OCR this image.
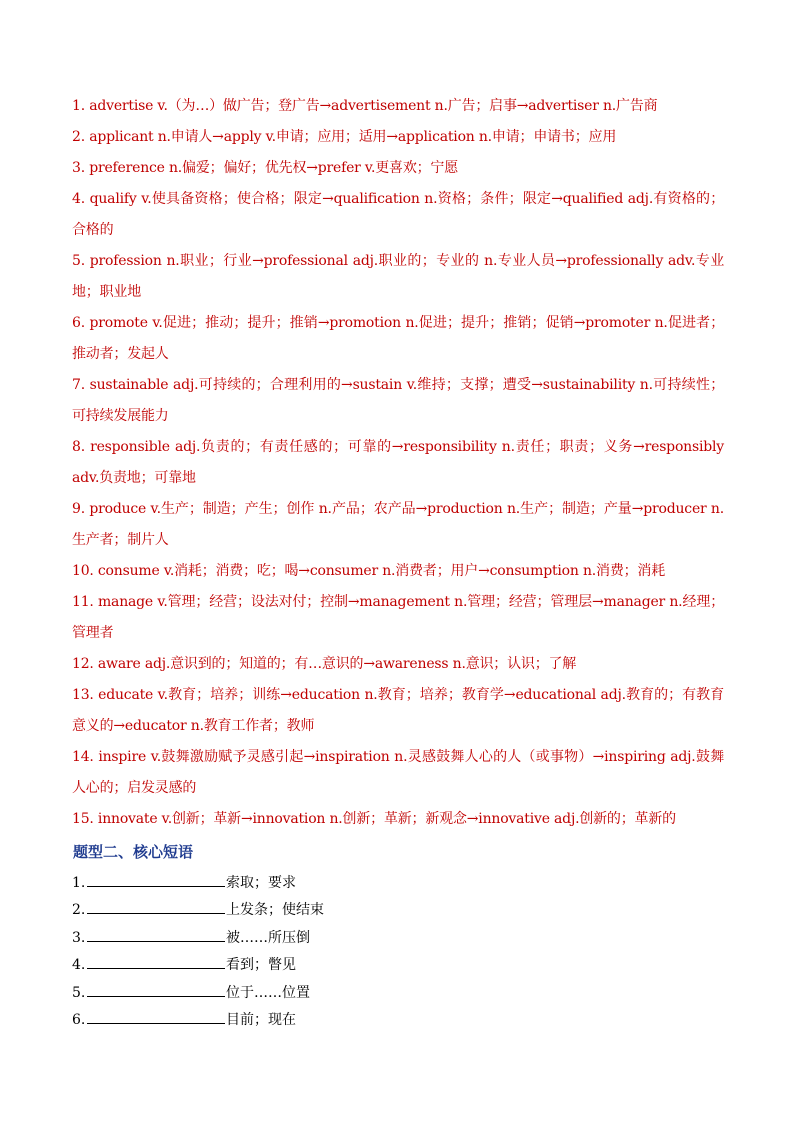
1. advertise v.（为…）做广告；登广告→advertisement n.广告；启事→advertiser n.广告商

2. applicant n.申请人→apply v.申请；应用；适用→application n.申请；申请书；应用

3. preference n.偏爱；偏好；优先权→prefer v.更喜欢；宁愿

4. qualify v.使具备资格；使合格；限定→qualification n.资格；条件；限定→qualified adj.有资格的；合格的

5. profession n.职业；行业→professional adj.职业的；专业的 n.专业人员→professionally adv.专业地；职业地

6. promote v.促进；推动；提升；推销→promotion n.促进；提升；推销；促销→promoter n.促进者；推动者；发起人

7. sustainable adj.可持续的；合理利用的→sustain v.维持；支撑；遭受→sustainability n.可持续性；可持续发展能力

8. responsible adj.负责的；有责任感的；可靠的→responsibility n.责任；职责；义务→responsibly adv.负责地；可靠地

9. produce v.生产；制造；产生；创作 n.产品；农产品→production n.生产；制造；产量→producer n.生产者；制片人

10. consume v.消耗；消费；吃；喝→consumer n.消费者；用户→consumption n.消费；消耗

11. manage v.管理；经营；设法对付；控制→management n.管理；经营；管理层→manager n.经理；管理者

12. aware adj.意识到的；知道的；有…意识的→awareness n.意识；认识；了解

13. educate v.教育；培养；训练→education n.教育；培养；教育学→educational adj.教育的；有教育意义的→educator n.教育工作者；教师

14. inspire v.鼓舞激励赋予灵感引起→inspiration n.灵感鼓舞人心的人（或事物）→inspiring adj.鼓舞人心的；启发灵感的

15. innovate v.创新；革新→innovation n.创新；革新；新观念→innovative adj.创新的；革新的

题型二、核心短语
1.	索取；要求
2.	上发条；使结束
3.	被……所压倒
4.	看到；瞥见
5.	位于……位置
6.	目前；现在
